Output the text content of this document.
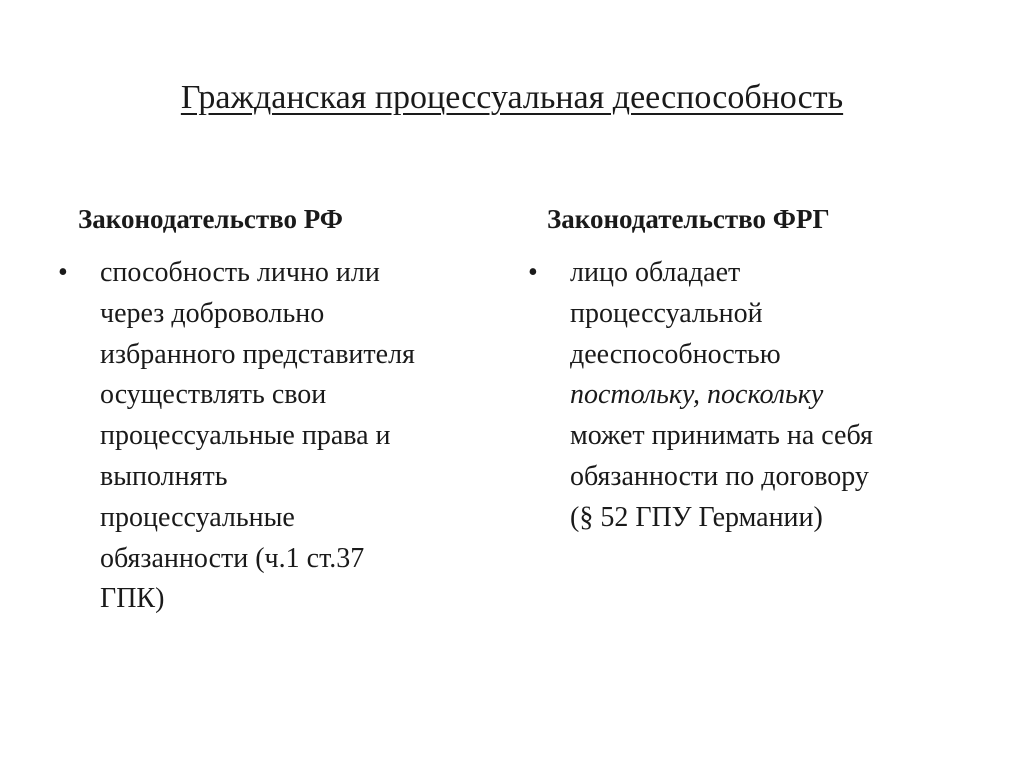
Гражданская процессуальная дееспособность
Законодательство РФ	Законодательство ФРГ
• способность лично или
через добровольно
избранного представителя
осуществлять свои
процессуальные права и
выполнять
процессуальные
обязанности (ч.1 ст.37
ГПК)
• лицо обладает
процессуальной
дееспособностью
постольку, поскольку
может принимать на себя
обязанности по договору
(§ 52 ГПУ Германии)
